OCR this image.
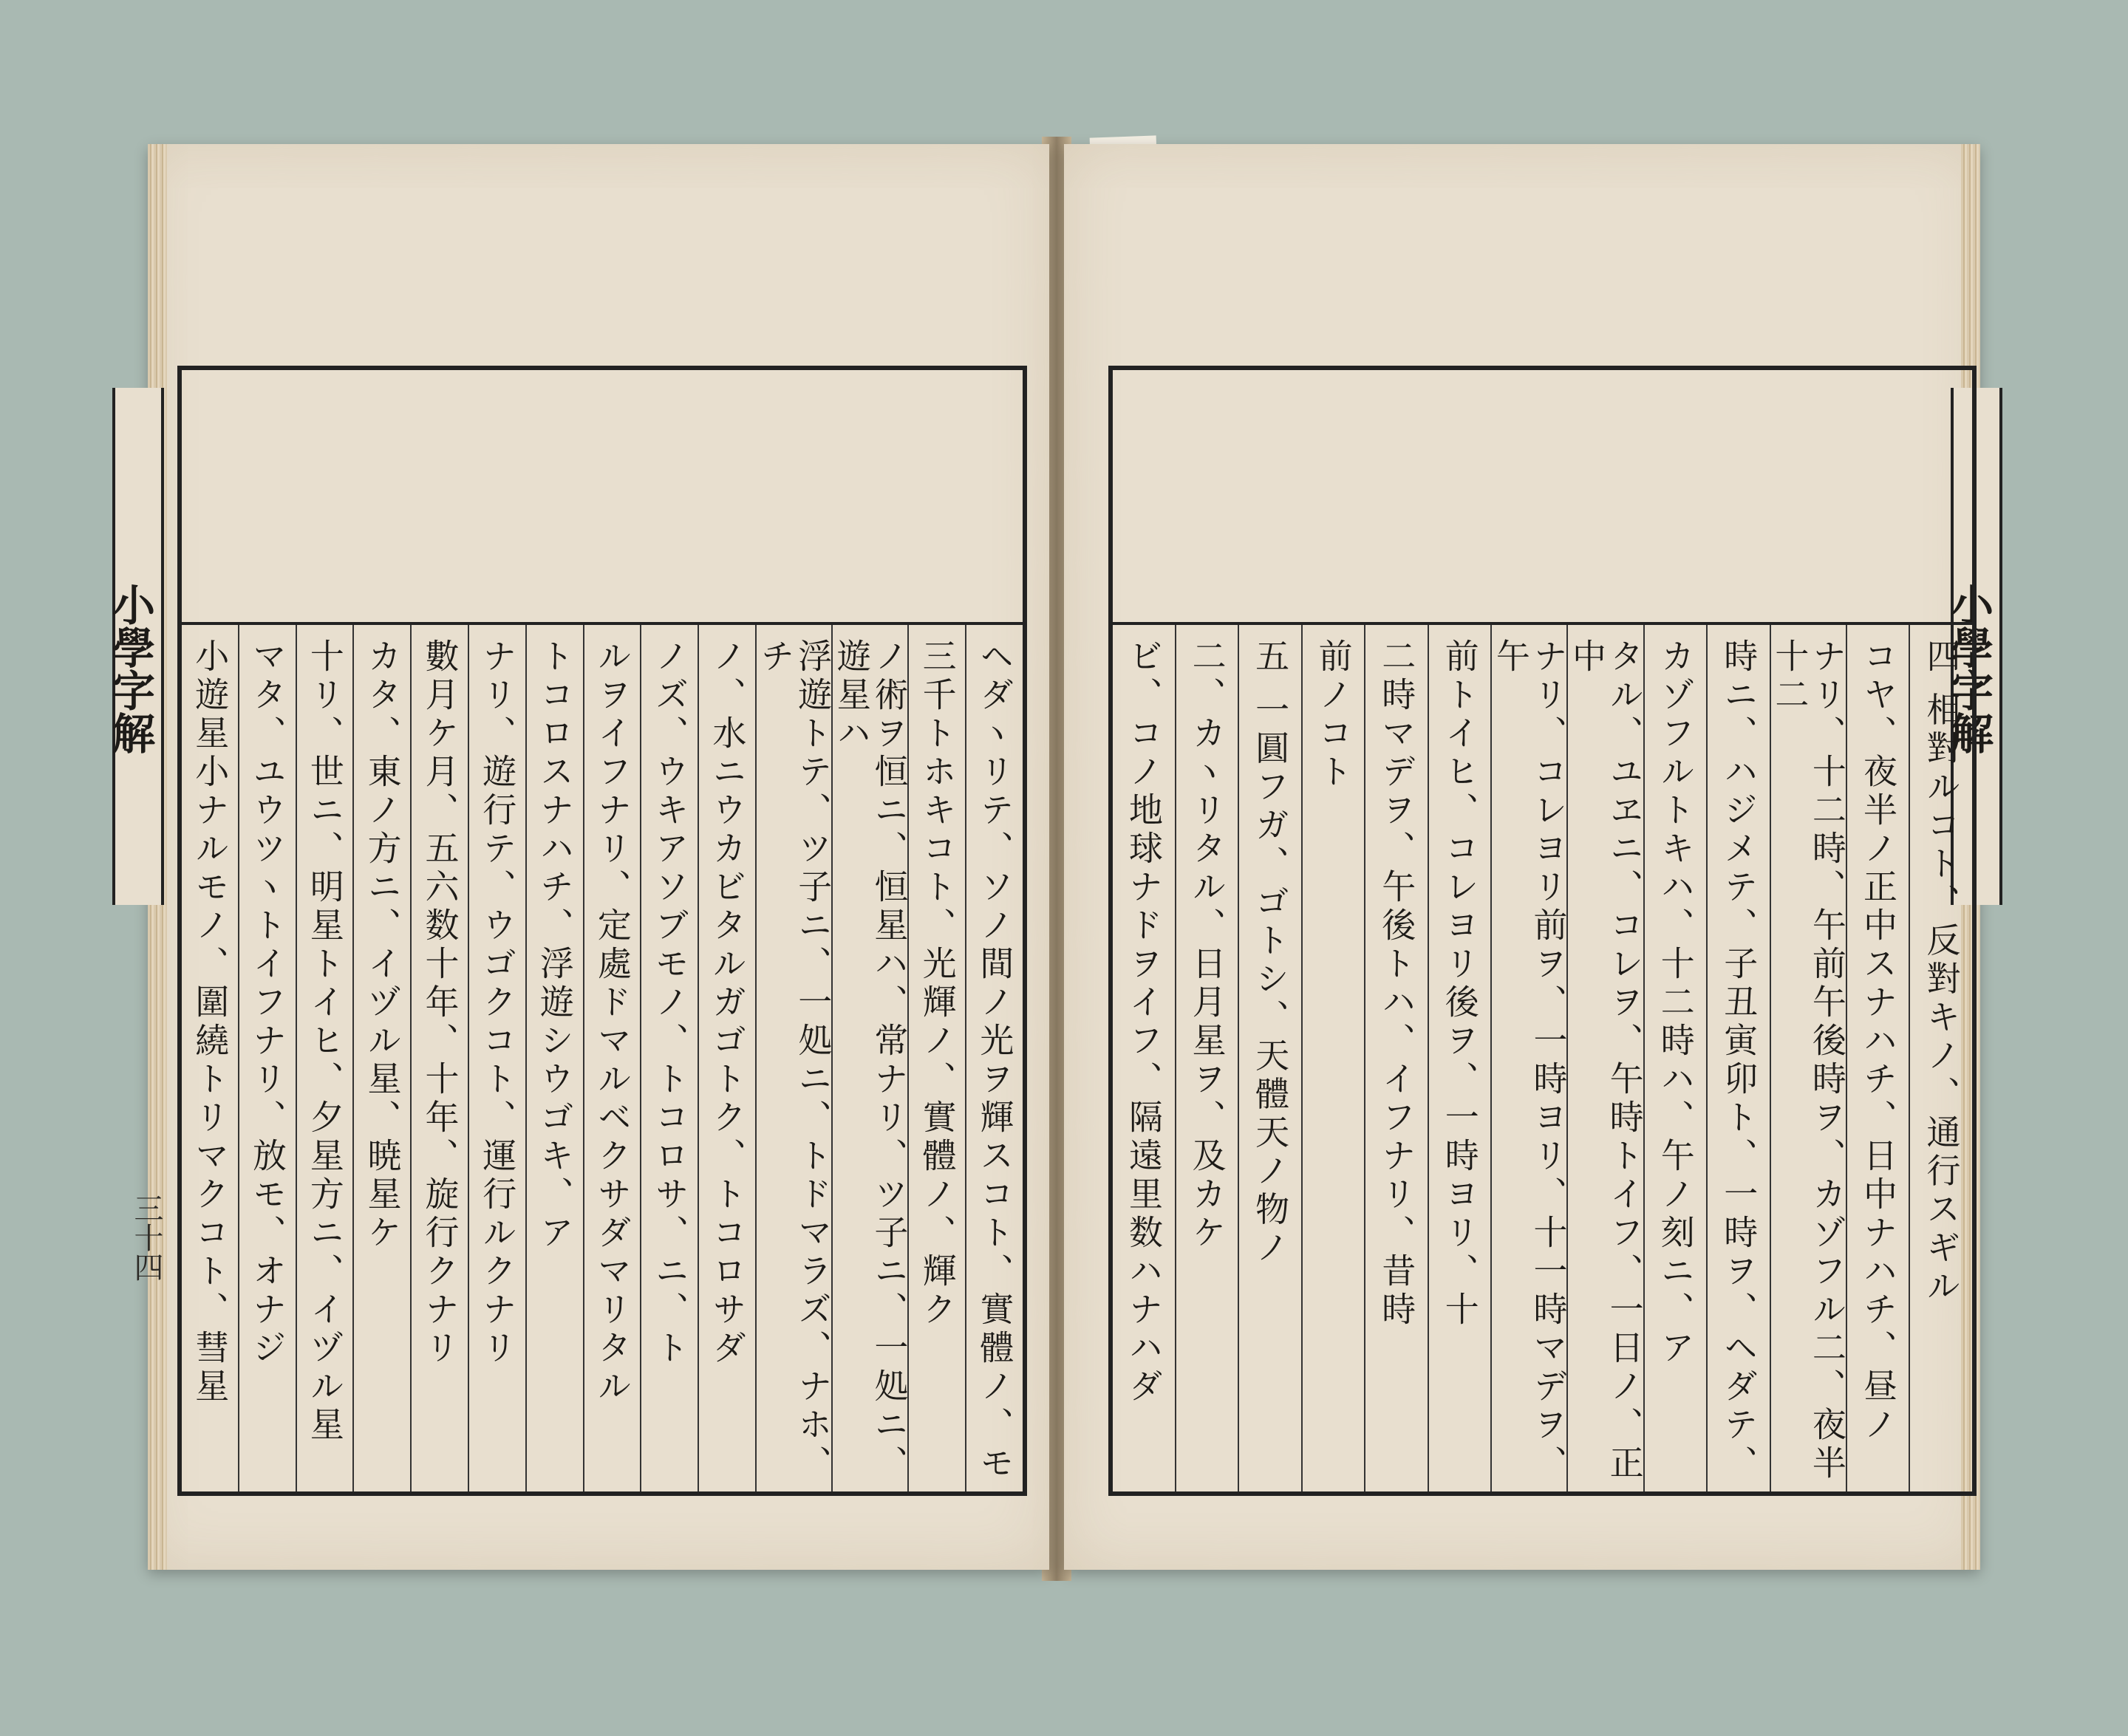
小學字解
三十四	ヘダヽリテ、ソノ間ノ光ヲ輝スコト、實體ノ、モ
三千トホキコト、光輝ノ、實體ノ、輝ク
ノ術ヲ恒ニ、恒星ハ、常ナリ、ツ子ニ、一処ニ、遊星ハ
浮遊トテ、ツ子ニ、一処ニ、トドマラズ、ナホ、チ
ノ、水ニウカビタルガゴトク、トコロサダ
ノズ、ウキアソブモノ、トコロサ、ニ、ト
ルヲイフナリ、定處ドマルベクサダマリタル
トコロスナハチ、浮遊シウゴキ、ア
ナリ、遊行テ、ウゴクコト、運行ルクナリ
數月ケ月、五六数十年、十年、旋行クナリ
カタ、東ノ方ニ、イヅル星、暁星ケ
十リ、世ニ、明星トイヒ、夕星方ニ、イヅル星
マタ、ユウツヽトイフナリ、放モ、オナジ
小遊星小ナルモノ、圍繞トリマクコト、彗星	小學字解
四 相對ルコト、反對キノ、通行スギル
コヤ、夜半ノ正中スナハチ、日中ナハチ、昼ノ
ナリ、十二時、午前午後時ヲ、カゾフル二、夜半十二
時ニ、ハジメテ、子丑寅卯ト、一時ヲ、ヘダテ、
カゾフルトキハ、十二時ハ、午ノ刻ニ、ア
タル、ユヱニ、コレヲ、午時トイフ、一日ノ、正中
ナリ、コレヨリ前ヲ、一時ヨリ、十一時マデヲ、午
前トイヒ、コレヨリ後ヲ、一時ヨリ、十
二時マデヲ、午後トハ、イフナリ、昔時
前ノコト
五 一圓フガ、ゴトシ、天體天ノ物ノ
二、カヽリタル、日月星ヲ、及カケ
ビ、コノ地球ナドヲイフ、隔遠里数ハナハダ
